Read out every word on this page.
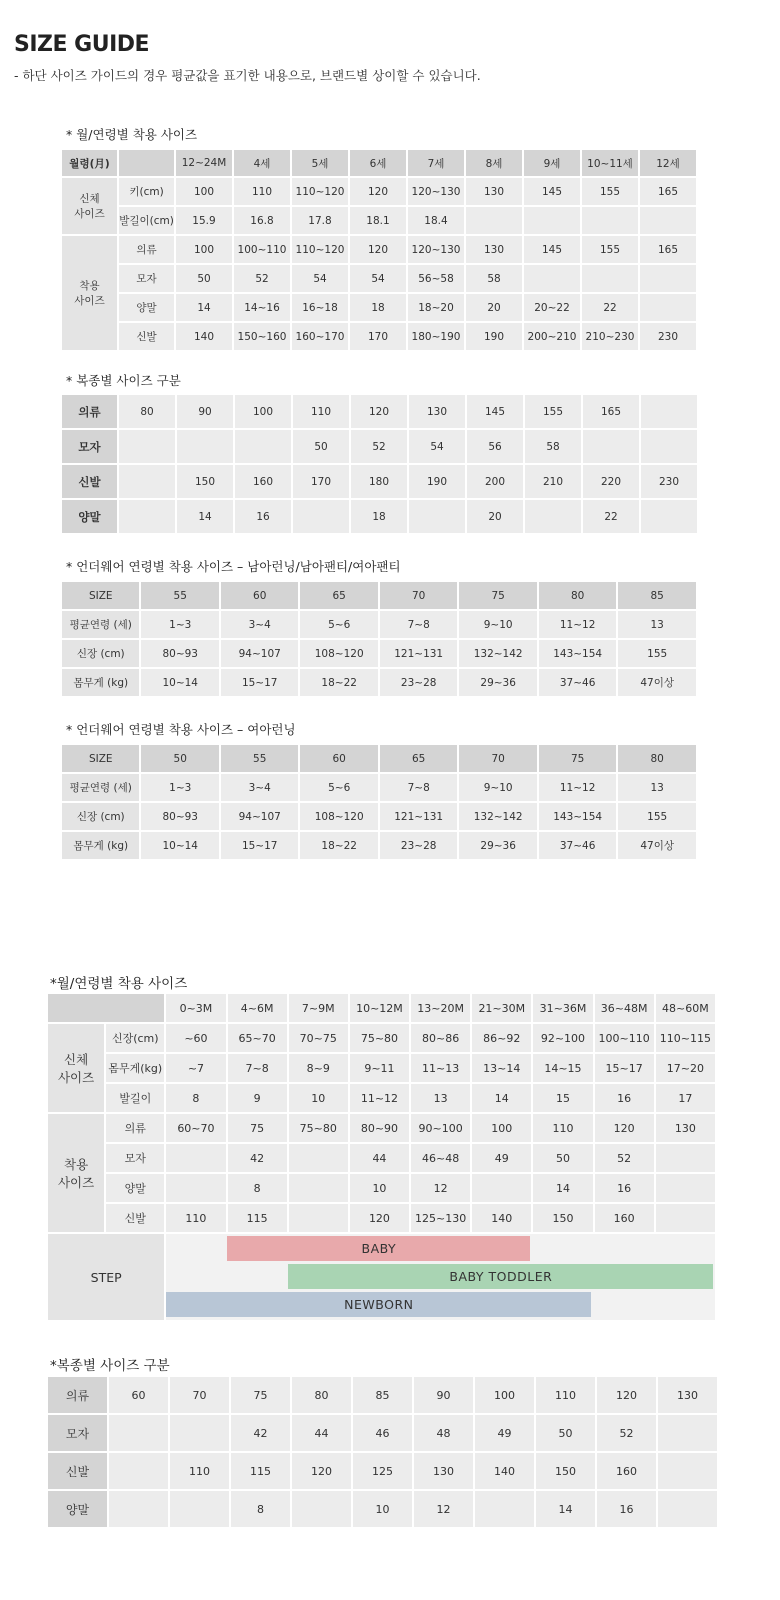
SIZE GUIDE
- 하단 사이즈 가이드의 경우 평균값을 표기한 내용으로, 브랜드별 상이할 수 있습니다.
* 월/연령별 착용 사이즈
월령(月)		12~24M	4세	5세	6세	7세	8세	9세	10~11세	12세
신체
사이즈	키(cm)	100	110	110~120	120	120~130	130	145	155	165
	발길이(cm)	15.9	16.8	17.8	18.1	18.4				
착용
사이즈	의류	100	100~110	110~120	120	120~130	130	145	155	165
	모자	50	52	54	54	56~58	58			
	양말	14	14~16	16~18	18	18~20	20	20~22	22	
	신발	140	150~160	160~170	170	180~190	190	200~210	210~230	230
* 복종별 사이즈 구분
의류	80	90	100	110	120	130	145	155	165	
모자				50	52	54	56	58		
신발		150	160	170	180	190	200	210	220	230
양말		14	16		18		20		22	
* 언더웨어 연령별 착용 사이즈 – 남아런닝/남아팬티/여아팬티
SIZE	55	60	65	70	75	80	85
평균연령 (세)	1~3	3~4	5~6	7~8	9~10	11~12	13
신장 (cm)	80~93	94~107	108~120	121~131	132~142	143~154	155
몸무게 (kg)	10~14	15~17	18~22	23~28	29~36	37~46	47이상
* 언더웨어 연령별 착용 사이즈 – 여아런닝
SIZE	50	55	60	65	70	75	80
평균연령 (세)	1~3	3~4	5~6	7~8	9~10	11~12	13
신장 (cm)	80~93	94~107	108~120	121~131	132~142	143~154	155
몸무게 (kg)	10~14	15~17	18~22	23~28	29~36	37~46	47이상
*월/연령별 착용 사이즈
		0~3M	4~6M	7~9M	10~12M	13~20M	21~30M	31~36M	36~48M	48~60M
신체
사이즈	신장(cm)	~60	65~70	70~75	75~80	80~86	86~92	92~100	100~110	110~115
	몸무게(kg)	~7	7~8	8~9	9~11	11~13	13~14	14~15	15~17	17~20
	발길이	8	9	10	11~12	13	14	15	16	17
착용
사이즈	의류	60~70	75	75~80	80~90	90~100	100	110	120	130
	모자		42		44	46~48	49	50	52	
	양말		8		10	12		14	16	
	신발	110	115		120	125~130	140	150	160	
STEP		BABY
BABY TODDLER
NEWBORN								
*복종별 사이즈 구분
의류	60	70	75	80	85	90	100	110	120	130
모자			42	44	46	48	49	50	52	
신발		110	115	120	125	130	140	150	160	
양말			8		10	12		14	16	
